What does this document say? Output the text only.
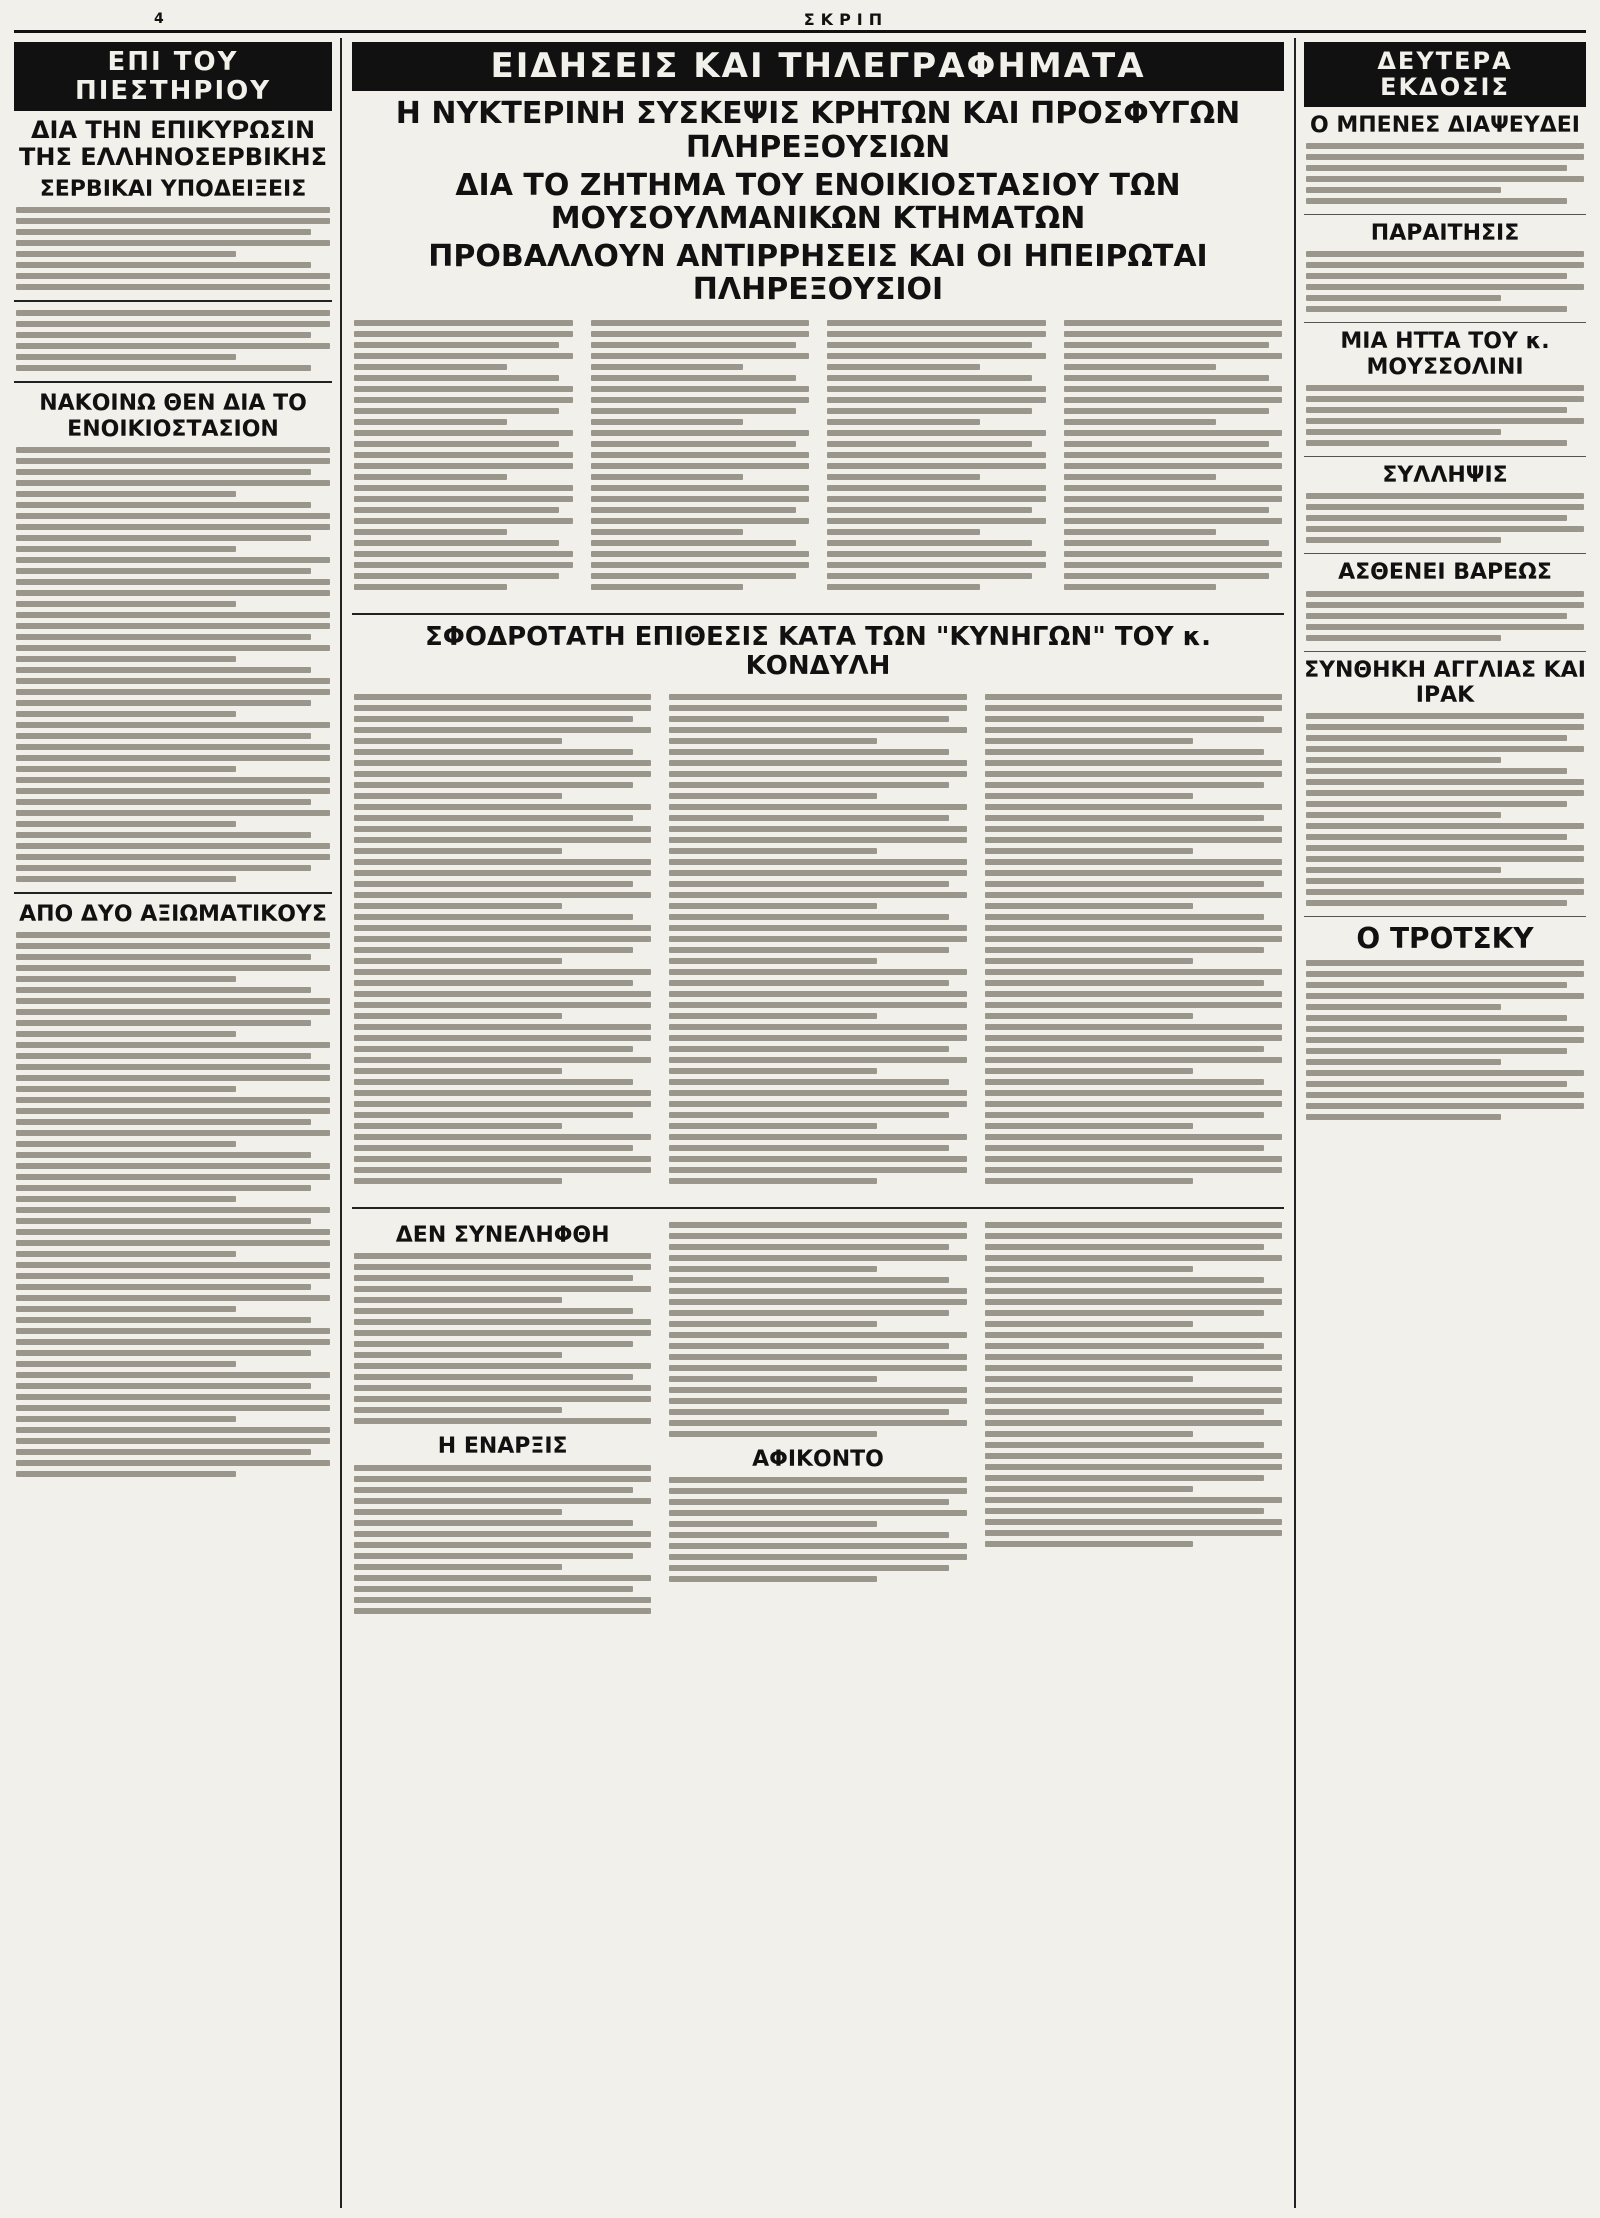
4	ΣΚΡΙΠ
ΕΠΙ ΤΟΥ ΠΙΕΣΤΗΡΙΟΥ
ΔΙΑ ΤΗΝ ΕΠΙΚΥΡΩΣΙΝ ΤΗΣ ΕΛΛΗΝΟΣΕΡΒΙΚΗΣ
ΣΕΡΒΙΚΑΙ ΥΠΟΔΕΙΞΕΙΣ
ΝΑΚΟΙΝΩ ΘΕΝ ΔΙΑ ΤΟ ΕΝΟΙΚΙΟΣΤΑΣΙΟΝ
ΑΠΟ ΔΥΟ ΑΞΙΩΜΑΤΙΚΟΥΣ
ΕΙΔΗΣΕΙΣ ΚΑΙ ΤΗΛΕΓΡΑΦΗΜΑΤΑ
Η ΝΥΚΤΕΡΙΝΗ ΣΥΣΚΕΨΙΣ ΚΡΗΤΩΝ ΚΑΙ ΠΡΟΣΦΥΓΩΝ ΠΛΗΡΕΞΟΥΣΙΩΝ
ΔΙΑ ΤΟ ΖΗΤΗΜΑ ΤΟΥ ΕΝΟΙΚΙΟΣΤΑΣΙΟΥ ΤΩΝ ΜΟΥΣΟΥΛΜΑΝΙΚΩΝ ΚΤΗΜΑΤΩΝ
ΠΡΟΒΑΛΛΟΥΝ ΑΝΤΙΡΡΗΣΕΙΣ ΚΑΙ ΟΙ ΗΠΕΙΡΩΤΑΙ ΠΛΗΡΕΞΟΥΣΙΟΙ
ΣΦΟΔΡΟΤΑΤΗ ΕΠΙΘΕΣΙΣ ΚΑΤΑ ΤΩΝ "ΚΥΝΗΓΩΝ" ΤΟΥ κ. ΚΟΝΔΥΛΗ
ΔΕΝ ΣΥΝΕΛΗΦΘΗ
Η ΕΝΑΡΞΙΣ
ΑΦΙΚΟΝΤΟ
ΔΕΥΤΕΡΑ ΕΚΔΟΣΙΣ
Ο ΜΠΕΝΕΣ ΔΙΑΨΕΥΔΕΙ
ΠΑΡΑΙΤΗΣΙΣ
ΜΙΑ ΗΤΤΑ ΤΟΥ κ. ΜΟΥΣΣΟΛΙΝΙ
ΣΥΛΛΗΨΙΣ
ΑΣΘΕΝΕΙ ΒΑΡΕΩΣ
ΣΥΝΘΗΚΗ ΑΓΓΛΙΑΣ ΚΑΙ ΙΡΑΚ
Ο ΤΡΟΤΣΚΥ
